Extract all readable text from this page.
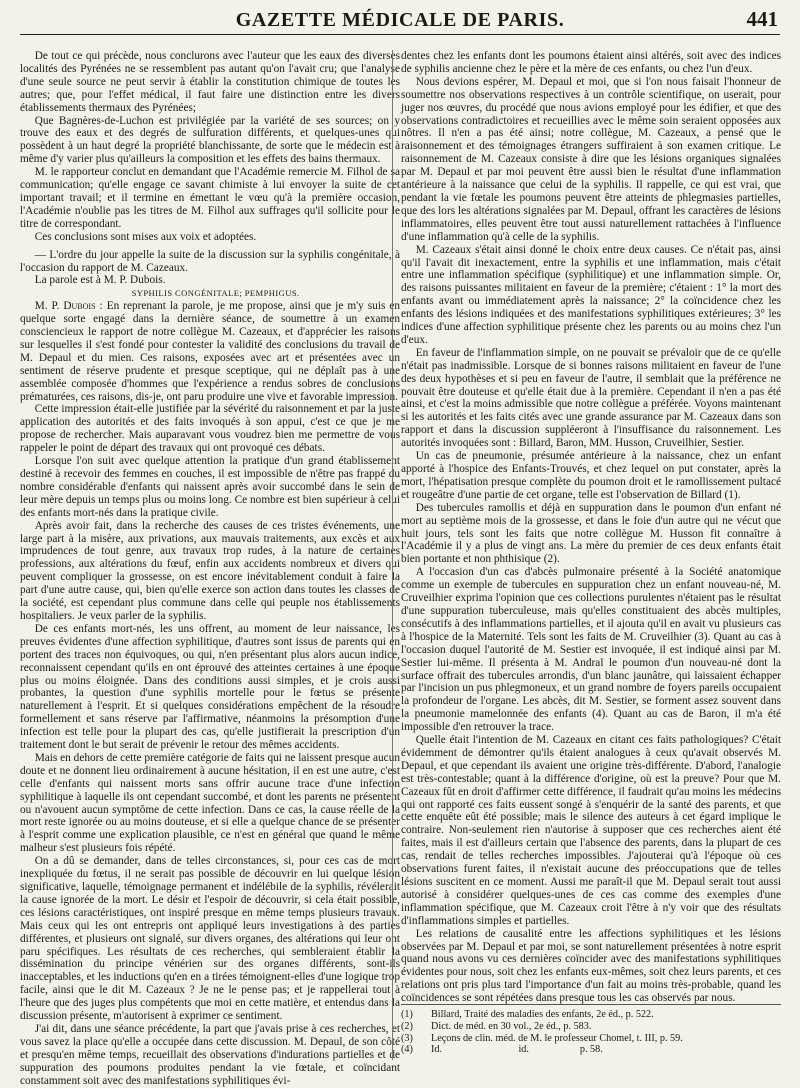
GAZETTE MÉDICALE DE PARIS.	441

De tout ce qui précède, nous conclurons avec l'auteur que les eaux des diverses localités des Pyrénées ne se ressemblent pas autant qu'on l'avait cru; que l'analyse d'une seule source ne peut servir à établir la constitution chimique de toutes les autres; que, pour l'effet médical, il faut faire une distinction entre les divers établissements thermaux des Pyrénées;

Que Bagnères-de-Luchon est privilégiée par la variété de ses sources; on y trouve des eaux et des degrés de sulfuration différents, et quelques-unes qui possèdent à un haut degré la propriété blanchissante, de sorte que le médecin est à même d'y varier plus qu'ailleurs la composition et les effets des bains thermaux.

M. le rapporteur conclut en demandant que l'Académie remercie M. Filhol de sa communication; qu'elle engage ce savant chimiste à lui envoyer la suite de cet important travail; et il termine en émettant le vœu qu'à la première occasion, l'Académie n'oublie pas les titres de M. Filhol aux suffrages qu'il sollicite pour le titre de correspondant.

Ces conclusions sont mises aux voix et adoptées.

— L'ordre du jour appelle la suite de la discussion sur la syphilis congénitale, à l'occasion du rapport de M. Cazeaux.

La parole est à M. P. Dubois.

SYPHILIS CONGÉNITALE; PEMPHIGUS.

M. P. Dubois : En reprenant la parole, je me propose, ainsi que je m'y suis en quelque sorte engagé dans la dernière séance, de soumettre à un examen consciencieux le rapport de notre collègue M. Cazeaux, et d'apprécier les raisons sur lesquelles il s'est fondé pour contester la validité des conclusions du travail de M. Depaul et du mien. Ces raisons, exposées avec art et présentées avec un sentiment de réserve prudente et presque sceptique, qui ne déplaît pas à une assemblée composée d'hommes que l'expérience a rendus sobres de conclusions prématurées, ces raisons, dis-je, ont paru produire une vive et favorable impression.

Cette impression était-elle justifiée par la sévérité du raisonnement et par la juste application des autorités et des faits invoqués à son appui, c'est ce que je me propose de rechercher. Mais auparavant vous voudrez bien me permettre de vous rappeler le point de départ des travaux qui ont provoqué ces débats.

Lorsque l'on suit avec quelque attention la pratique d'un grand établissement destiné à recevoir des femmes en couches, il est impossible de n'être pas frappé du nombre considérable d'enfants qui naissent après avoir succombé dans le sein de leur mère depuis un temps plus ou moins long. Ce nombre est bien supérieur à celui des enfants mort-nés dans la pratique civile.

Après avoir fait, dans la recherche des causes de ces tristes événements, une large part à la misère, aux privations, aux mauvais traitements, aux excès et aux imprudences de tout genre, aux travaux trop rudes, à la nature de certaines professions, aux altérations du fœuf, enfin aux accidents nombreux et divers qui peuvent compliquer la grossesse, on est encore inévitablement conduit à faire la part d'une autre cause, qui, bien qu'elle exerce son action dans toutes les classes de la société, est cependant plus commune dans celle qui peuple nos établissements hospitaliers. Je veux parler de la syphilis.

De ces enfants mort-nés, les uns offrent, au moment de leur naissance, les preuves évidentes d'une affection syphilitique, d'autres sont issus de parents qui en portent des traces non équivoques, ou qui, n'en présentant plus alors aucun indice, reconnaissent cependant qu'ils en ont éprouvé des atteintes certaines à une époque plus ou moins éloignée. Dans des conditions aussi simples, et je crois aussi probantes, la question d'une syphilis mortelle pour le fœtus se présente naturellement à l'esprit. Et si quelques considérations empêchent de la résoudre formellement et sans réserve par l'affirmative, néanmoins la présomption d'une infection est telle pour la plupart des cas, qu'elle justifierait la prescription d'un traitement dont le but serait de prévenir le retour des mêmes accidents.

Mais en dehors de cette première catégorie de faits qui ne laissent presque aucun doute et ne donnent lieu ordinairement à aucune hésitation, il en est une autre, c'est celle d'enfants qui naissent morts sans offrir aucune trace d'une infection syphilitique à laquelle ils ont cependant succombé, et dont les parents ne présentent ou n'avouent aucun symptôme de cette infection. Dans ce cas, la cause réelle de la mort reste ignorée ou au moins douteuse, et si elle a quelque chance de se présenter à l'esprit comme une explication plausible, ce n'est en général que quand le même malheur s'est plusieurs fois répété.

On a dû se demander, dans de telles circonstances, si, pour ces cas de mort inexpliquée du fœtus, il ne serait pas possible de découvrir en lui quelque lésion significative, laquelle, témoignage permanent et indélébile de la syphilis, révélerait la cause ignorée de la mort. Le désir et l'espoir de découvrir, si cela était possible, ces lésions caractéristiques, ont inspiré presque en même temps plusieurs travaux. Mais ceux qui les ont entrepris ont appliqué leurs investigations à des parties différentes, et plusieurs ont signalé, sur divers organes, des altérations qui leur ont paru spécifiques. Les résultats de ces recherches, qui sembleraient établir la dissémination du principe vénérien sur des organes différents, sont-ils inacceptables, et les inductions qu'en en a tirées témoignent-elles d'une logique trop facile, ainsi que le dit M. Cazeaux ? Je ne le pense pas; et je rappellerai tout à l'heure que des juges plus compétents que moi en cette matière, et entendus dans la discussion présente, m'autorisent à exprimer ce sentiment.

J'ai dit, dans une séance précédente, la part que j'avais prise à ces recherches, et vous savez la place qu'elle a occupée dans cette discussion. M. Depaul, de son côté et presqu'en même temps, recueillait des observations d'indurations partielles et de suppuration des poumons produites pendant la vie fœtale, et coïncidant constamment soit avec des manifestations syphilitiques évi-

dentes chez les enfants dont les poumons étaient ainsi altérés, soit avec des indices de syphilis ancienne chez le père et la mère de ces enfants, ou chez l'un d'eux.

Nous devions espérer, M. Depaul et moi, que si l'on nous faisait l'honneur de soumettre nos observations respectives à un contrôle scientifique, on userait, pour juger nos œuvres, du procédé que nous avions employé pour les édifier, et que des observations contradictoires et recueillies avec le même soin seraient opposées aux nôtres. Il n'en a pas été ainsi; notre collègue, M. Cazeaux, a pensé que le raisonnement et des témoignages étrangers suffiraient à son examen critique. Le raisonnement de M. Cazeaux consiste à dire que les lésions organiques signalées par M. Depaul et par moi peuvent être aussi bien le résultat d'une inflammation antérieure à la naissance que celui de la syphilis. Il rappelle, ce qui est vrai, que pendant la vie fœtale les poumons peuvent être atteints de phlegmasies partielles, que des lors les altérations signalées par M. Depaul, offrant les caractères de lésions inflammatoires, elles peuvent être tout aussi naturellement rattachées à l'influence d'une inflammation qu'à celle de la syphilis.

M. Cazeaux s'était ainsi donné le choix entre deux causes. Ce n'était pas, ainsi qu'il l'avait dit inexactement, entre la syphilis et une inflammation, mais c'était entre une inflammation spécifique (syphilitique) et une inflammation simple. Or, des raisons puissantes militaient en faveur de la première; c'étaient : 1° la mort des enfants avant ou immédiatement après la naissance; 2° la coïncidence chez les enfants des lésions indiquées et des manifestations syphilitiques extérieures; 3° les indices d'une affection syphilitique présente chez les parents ou au moins chez l'un d'eux.

En faveur de l'inflammation simple, on ne pouvait se prévaloir que de ce qu'elle n'était pas inadmissible. Lorsque de si bonnes raisons militaient en faveur de l'une des deux hypothèses et si peu en faveur de l'autre, il semblait que la préférence ne pouvait être douteuse et qu'elle était due à la première. Cependant il n'en a pas été ainsi, et c'est la moins admissible que notre collègue a préférée. Voyons maintenant si les autorités et les faits cités avec une grande assurance par M. Cazeaux dans son rapport et dans la discussion suppléeront à l'insuffisance du raisonnement. Les autorités invoquées sont : Billard, Baron, MM. Husson, Cruveilhier, Sestier.

Un cas de pneumonie, présumée antérieure à la naissance, chez un enfant apporté à l'hospice des Enfants-Trouvés, et chez lequel on put constater, après la mort, l'hépatisation presque complète du poumon droit et le ramollissement pultacé et rougeâtre d'une partie de cet organe, telle est l'observation de Billard (1).

Des tubercules ramollis et déjà en suppuration dans le poumon d'un enfant né mort au septième mois de la grossesse, et dans le foie d'un autre qui ne vécut que huit jours, tels sont les faits que notre collègue M. Husson fit connaître à l'Académie il y a plus de vingt ans. La mère du premier de ces deux enfants était bien portante et non phthisique (2).

A l'occasion d'un cas d'abcès pulmonaire présenté à la Société anatomique comme un exemple de tubercules en suppuration chez un enfant nouveau-né, M. Cruveilhier exprima l'opinion que ces collections purulentes n'étaient pas le résultat d'une suppuration tuberculeuse, mais qu'elles constituaient des abcès multiples, consécutifs à des inflammations partielles, et il ajouta qu'il en avait vu plusieurs cas à l'hospice de la Maternité. Tels sont les faits de M. Cruveilhier (3). Quant au cas à l'occasion duquel l'autorité de M. Sestier est invoquée, il est indiqué ainsi par M. Sestier lui-même. Il présenta à M. Andral le poumon d'un nouveau-né dont la surface offrait des tubercules arrondis, d'un blanc jaunâtre, qui laissaient échapper par l'incision un pus phlegmoneux, et un grand nombre de foyers pareils occupaient la profondeur de l'organe. Les abcès, dit M. Sestier, se forment assez souvent dans la pneumonie mamelonnée des enfants (4). Quant au cas de Baron, il m'a été impossible d'en retrouver la trace.

Quelle était l'intention de M. Cazeaux en citant ces faits pathologiques? C'était évidemment de démontrer qu'ils étaient analogues à ceux qu'avait observés M. Depaul, et que cependant ils avaient une origine très-différente. D'abord, l'analogie est très-contestable; quant à la différence d'origine, où est la preuve? Pour que M. Cazeaux fût en droit d'affirmer cette différence, il faudrait qu'au moins les médecins qui ont rapporté ces faits eussent songé à s'enquérir de la santé des parents, et que cette enquête eût été possible; mais le silence des auteurs à cet égard implique le contraire. Non-seulement rien n'autorise à supposer que ces recherches aient été faites, mais il est d'ailleurs certain que l'absence des parents, dans la plupart de ces cas, rendait de telles recherches impossibles. J'ajouterai qu'à l'époque où ces observations furent faites, il n'existait aucune des préoccupations que de telles lésions suscitent en ce moment. Aussi me paraît-il que M. Depaul serait tout aussi autorisé à considérer quelques-unes de ces cas comme des exemples d'une inflammation spécifique, que M. Cazeaux croit l'être à n'y voir que des résultats d'inflammations simples et partielles.

Les relations de causalité entre les affections syphilitiques et les lésions observées par M. Depaul et par moi, se sont naturellement présentées à notre esprit quand nous avons vu ces dernières coïncider avec des manifestations syphilitiques évidentes pour nous, soit chez les enfants eux-mêmes, soit chez leurs parents, et ces relations ont pris plus tard l'importance d'un fait au moins très-probable, quand les coïncidences se sont répétées dans presque tous les cas observés par nous.

(1)	Billard, Traité des maladies des enfants, 2e éd., p. 522.
(2)	Dict. de méd. en 30 vol., 2e éd., p. 583.
(3)	Leçons de clin. méd. de M. le professeur Chomel, t. III, p. 59.
(4)	Id.                              id.                    p. 58.
